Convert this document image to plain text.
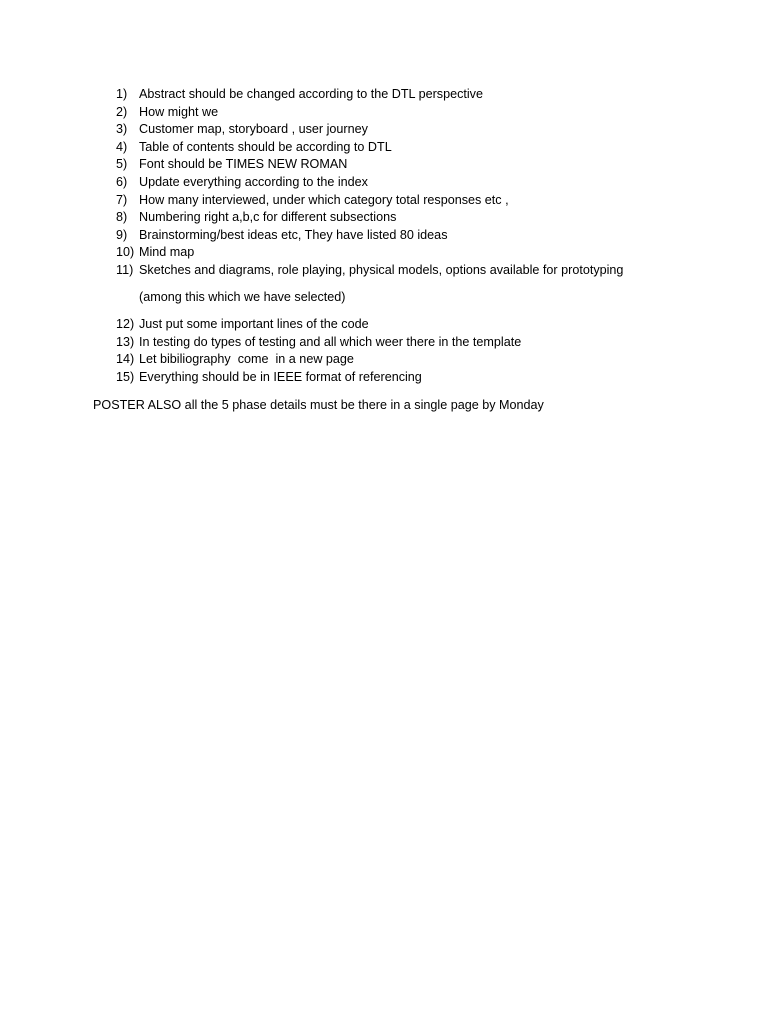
1) Abstract should be changed according to the DTL perspective
2) How might we
3) Customer map, storyboard , user journey
4) Table of contents should be according to DTL
5) Font should be TIMES NEW ROMAN
6) Update everything according to the index
7) How many interviewed, under which category total responses etc ,
8) Numbering right a,b,c for different subsections
9) Brainstorming/best ideas etc, They have listed 80 ideas
10) Mind map
11) Sketches and diagrams, role playing, physical models, options available for prototyping
(among this which we have selected)
12) Just put some important lines of the code
13) In testing do types of testing and all which weer there in the template
14) Let bibiliography  come  in a new page
15) Everything should be in IEEE format of referencing
POSTER ALSO all the 5 phase details must be there in a single page by Monday
